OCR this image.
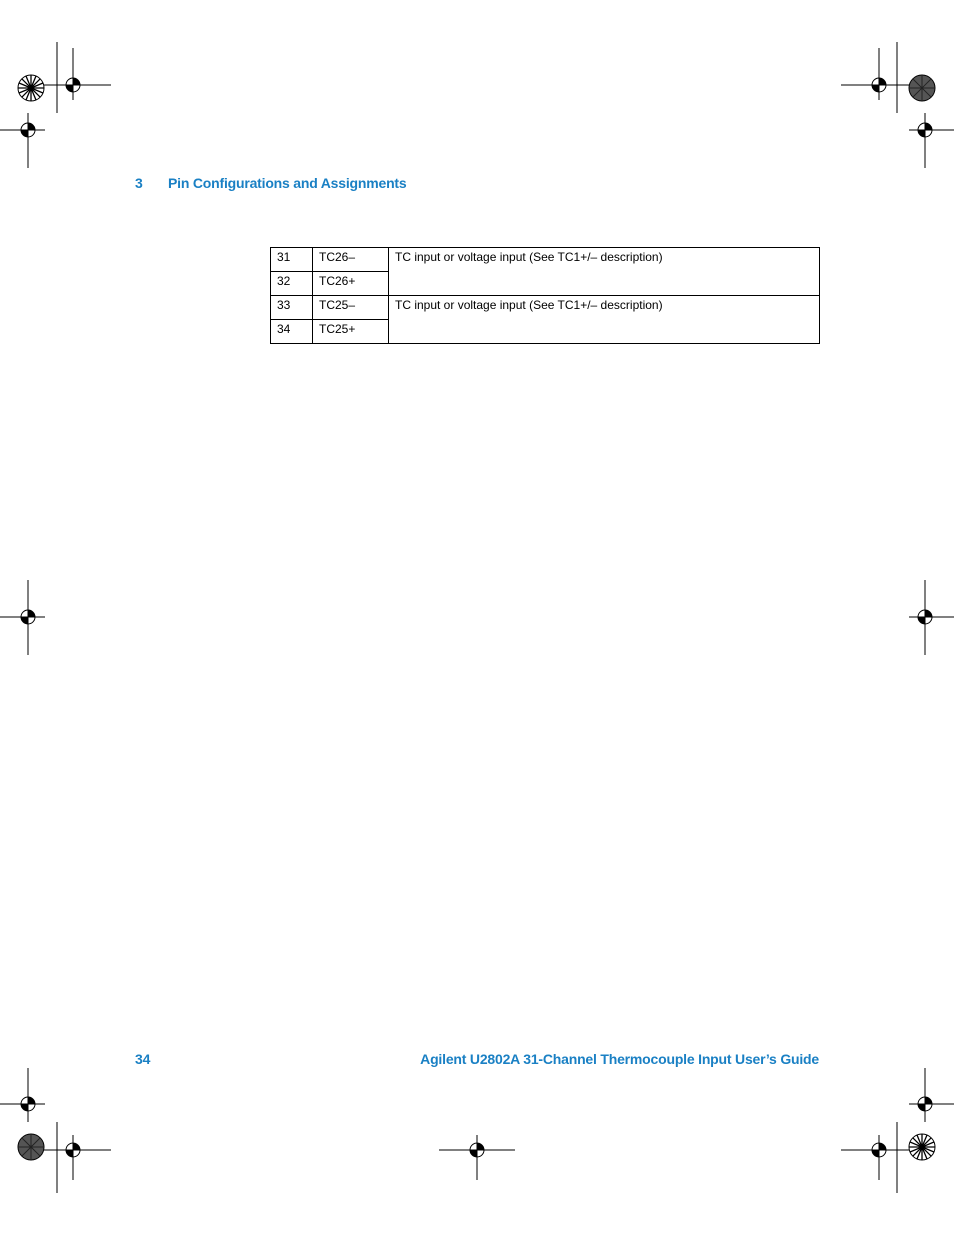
3 Pin Configurations and Assignments
31	TC26–	TC input or voltage input (See TC1+/– description)
32	TC26+	
33	TC25–	TC input or voltage input (See TC1+/– description)
34	TC25+	
34	Agilent U2802A 31-Channel Thermocouple Input User’s Guide
